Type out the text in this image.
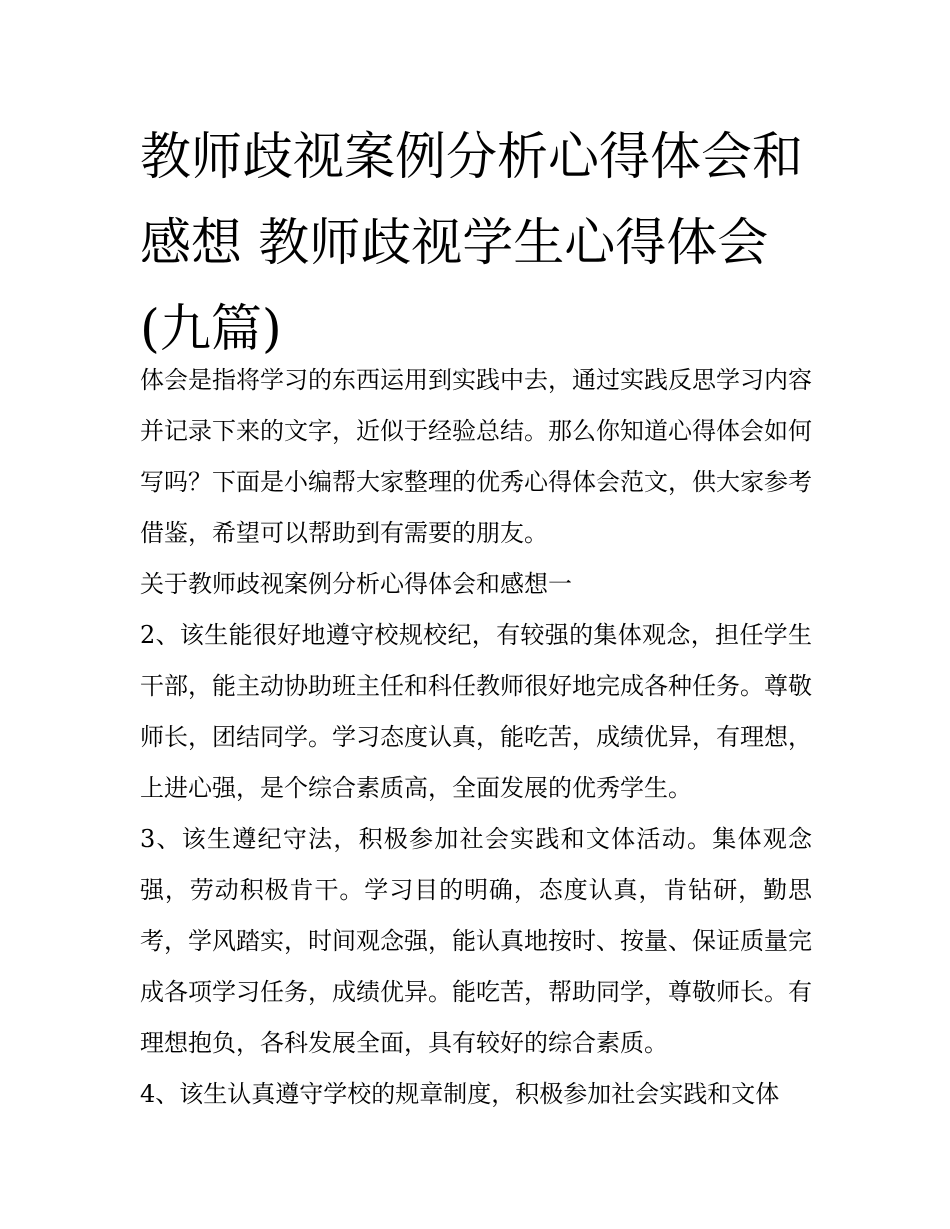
教师歧视案例分析心得体会和感想 教师歧视学生心得体会(九篇)

体会是指将学习的东西运用到实践中去，通过实践反思学习内容并记录下来的文字，近似于经验总结。那么你知道心得体会如何写吗？下面是小编帮大家整理的优秀心得体会范文，供大家参考借鉴，希望可以帮助到有需要的朋友。

关于教师歧视案例分析心得体会和感想一

2、该生能很好地遵守校规校纪，有较强的集体观念，担任学生干部，能主动协助班主任和科任教师很好地完成各种任务。尊敬师长，团结同学。学习态度认真，能吃苦，成绩优异，有理想，上进心强，是个综合素质高，全面发展的优秀学生。

3、该生遵纪守法，积极参加社会实践和文体活动。集体观念强，劳动积极肯干。学习目的明确，态度认真，肯钻研，勤思考，学风踏实，时间观念强，能认真地按时、按量、保证质量完成各项学习任务，成绩优异。能吃苦，帮助同学，尊敬师长。有理想抱负，各科发展全面，具有较好的综合素质。

4、该生认真遵守学校的规章制度，积极参加社会实践和文体
